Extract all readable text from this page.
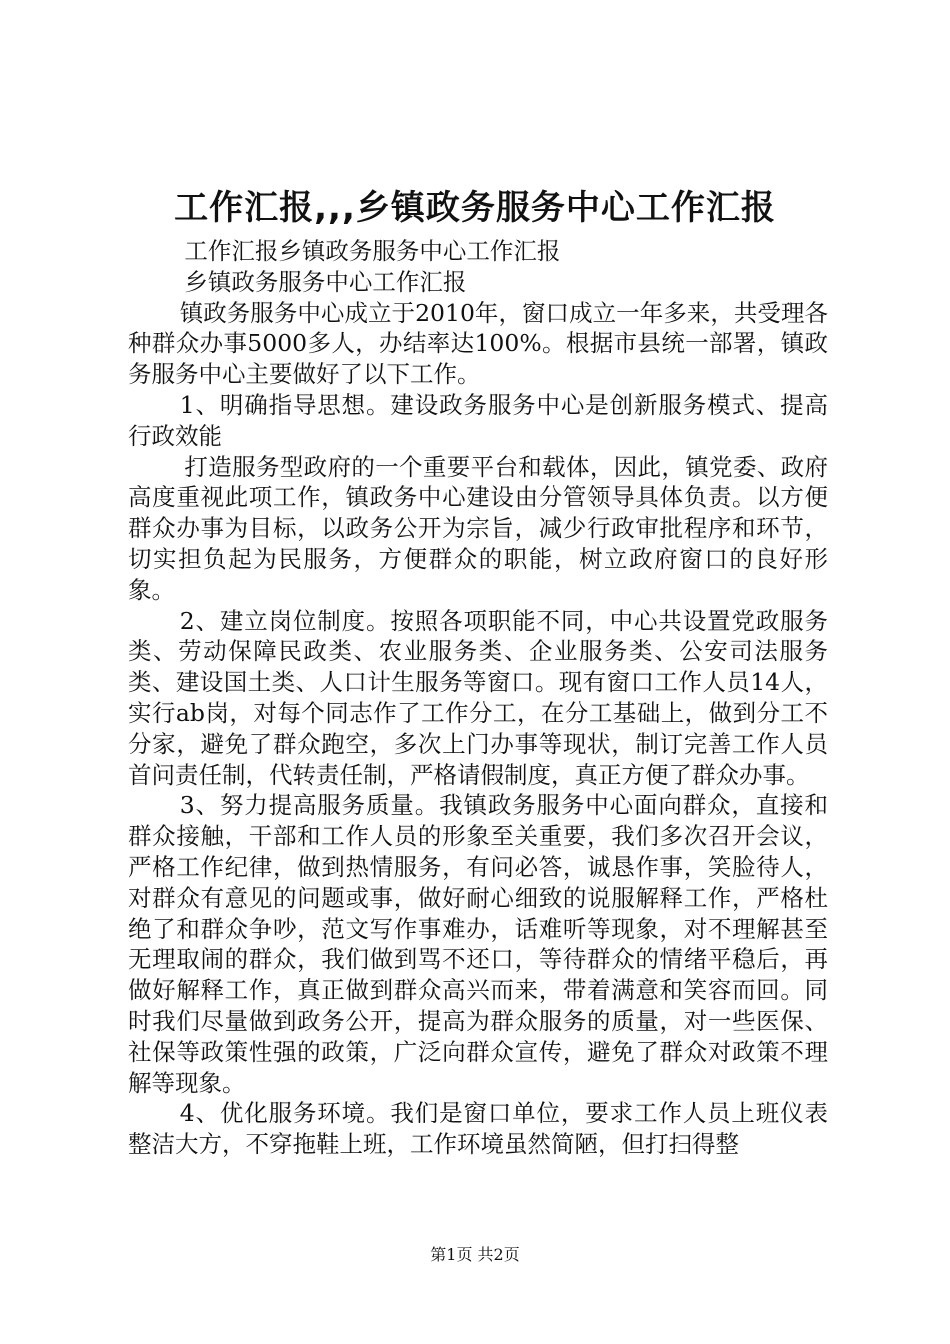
工作汇报,,,乡镇政务服务中心工作汇报

工作汇报乡镇政务服务中心工作汇报

乡镇政务服务中心工作汇报

镇政务服务中心成立于2010年，窗口成立一年多来，共受理各种群众办事5000多人，办结率达100%。根据市县统一部署，镇政务服务中心主要做好了以下工作。

1、明确指导思想。建设政务服务中心是创新服务模式、提高行政效能

打造服务型政府的一个重要平台和载体，因此，镇党委、政府高度重视此项工作，镇政务中心建设由分管领导具体负责。以方便群众办事为目标，以政务公开为宗旨，减少行政审批程序和环节，切实担负起为民服务，方便群众的职能，树立政府窗口的良好形象。

2、建立岗位制度。按照各项职能不同，中心共设置党政服务类、劳动保障民政类、农业服务类、企业服务类、公安司法服务类、建设国土类、人口计生服务等窗口。现有窗口工作人员14人，实行ab岗，对每个同志作了工作分工，在分工基础上，做到分工不分家，避免了群众跑空，多次上门办事等现状，制订完善工作人员首问责任制，代转责任制，严格请假制度，真正方便了群众办事。

3、努力提高服务质量。我镇政务服务中心面向群众，直接和群众接触，干部和工作人员的形象至关重要，我们多次召开会议，严格工作纪律，做到热情服务，有问必答，诚恳作事，笑脸待人，对群众有意见的问题或事，做好耐心细致的说服解释工作，严格杜绝了和群众争吵，范文写作事难办，话难听等现象，对不理解甚至无理取闹的群众，我们做到骂不还口，等待群众的情绪平稳后，再做好解释工作，真正做到群众高兴而来，带着满意和笑容而回。同时我们尽量做到政务公开，提高为群众服务的质量，对一些医保、社保等政策性强的政策，广泛向群众宣传，避免了群众对政策不理解等现象。

4、优化服务环境。我们是窗口单位，要求工作人员上班仪表整洁大方，不穿拖鞋上班，工作环境虽然简陋，但打扫得整

第1页 共2页
